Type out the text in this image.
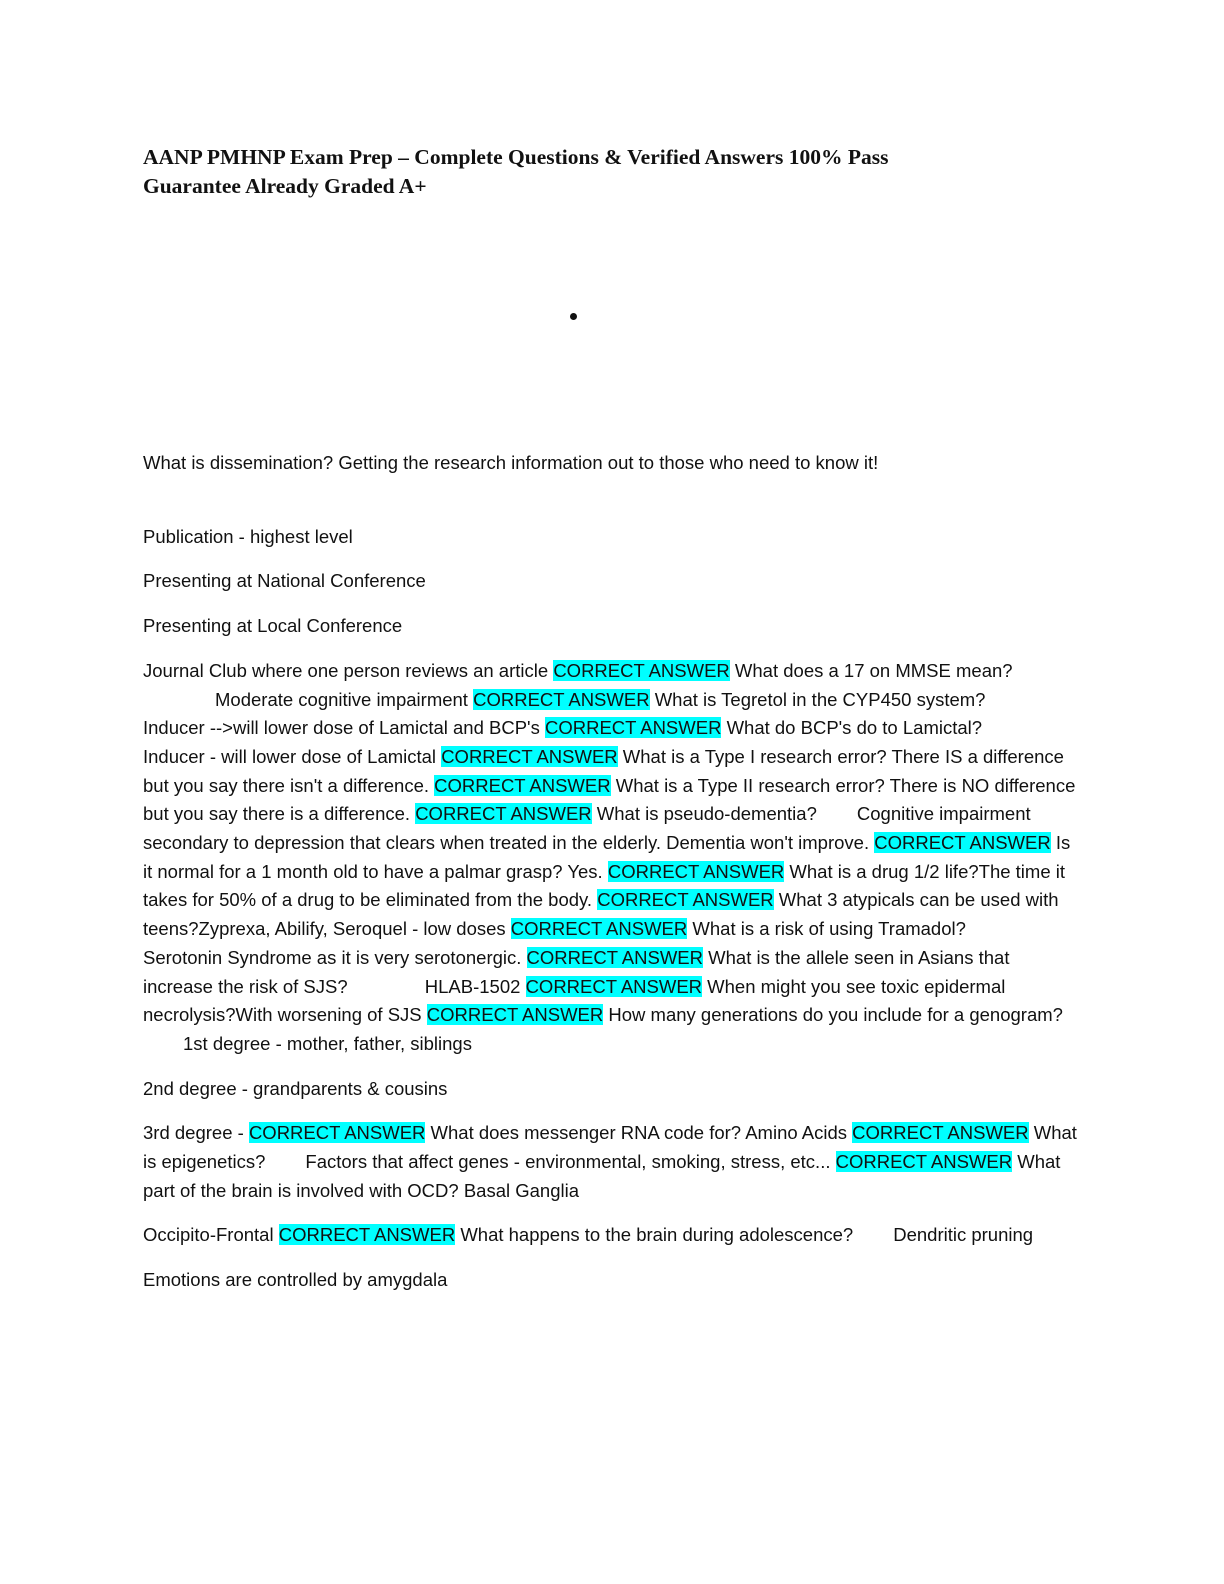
AANP PMHNP Exam Prep – Complete Questions & Verified Answers 100% Pass
Guarantee Already Graded A+

What is dissemination? Getting the research information out to those who need to know it!

Publication - highest level

Presenting at National Conference

Presenting at Local Conference

Journal Club where one person reviews an article CORRECT ANSWER What does a 17 on MMSE mean? Moderate cognitive impairment CORRECT ANSWER What is Tegretol in the CYP450 system? Inducer -->will lower dose of Lamictal and BCP's CORRECT ANSWER What do BCP's do to Lamictal?Inducer - will lower dose of Lamictal CORRECT ANSWER What is a Type I research error? There IS a difference but you say there isn't a difference. CORRECT ANSWER What is a Type II research error? There is NO difference but you say there is a difference. CORRECT ANSWER What is pseudo-dementia? Cognitive impairment secondary to depression that clears when treated in the elderly. Dementia won't improve. CORRECT ANSWER Is it normal for a 1 month old to have a palmar grasp? Yes. CORRECT ANSWER What is a drug 1/2 life?The time it takes for 50% of a drug to be eliminated from the body. CORRECT ANSWER What 3 atypicals can be used with teens?Zyprexa, Abilify, Seroquel - low doses CORRECT ANSWER What is a risk of using Tramadol?Serotonin Syndrome as it is very serotonergic. CORRECT ANSWER What is the allele seen in Asians that increase the risk of SJS?	HLAB-1502 CORRECT ANSWER When might you see toxic epidermal necrolysis?With worsening of SJS CORRECT ANSWER How many generations do you include for a genogram?1st degree - mother, father, siblings

2nd degree - grandparents & cousins

3rd degree - CORRECT ANSWER What does messenger RNA code for? Amino Acids CORRECT ANSWER What is epigenetics? Factors that affect genes - environmental, smoking, stress, etc... CORRECT ANSWER What part of the brain is involved with OCD? Basal Ganglia

Occipito-Frontal CORRECT ANSWER What happens to the brain during adolescence? Dendritic pruning

Emotions are controlled by amygdala
